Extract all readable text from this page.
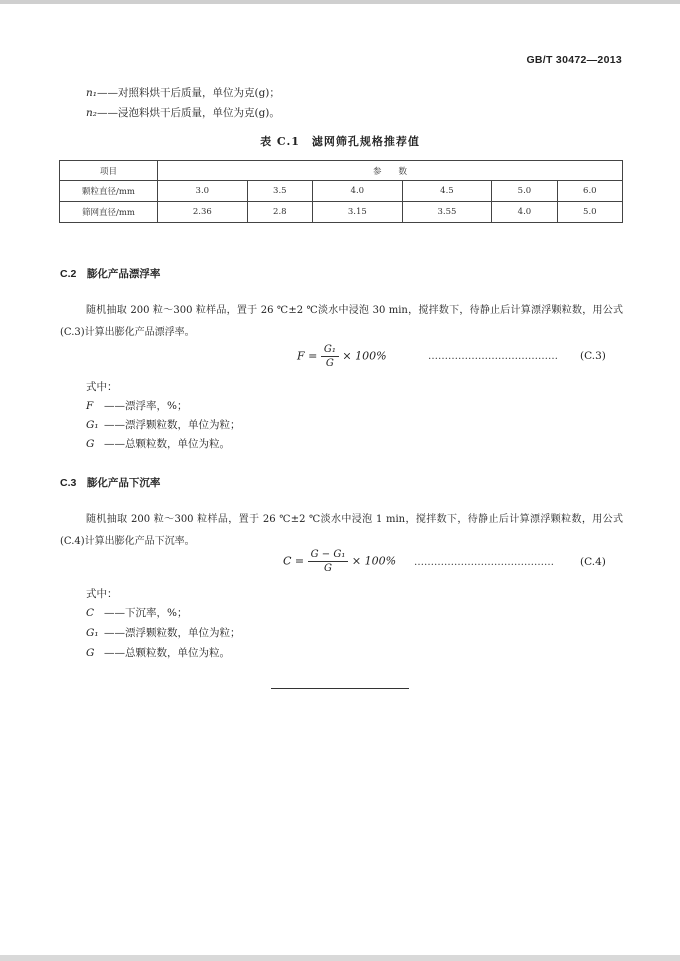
GB/T 30472—2013
n₁——对照料烘干后质量，单位为克(g)；
n₂——浸泡料烘干后质量，单位为克(g)。
表 C.1　滤网筛孔规格推荐值
项目	参　　数					
颗粒直径/mm	3.0	3.5	4.0	4.5	5.0	6.0
筛网直径/mm	2.36	2.8	3.15	3.55	4.0	5.0
C.2　膨化产品漂浮率
随机抽取 200 粒～300 粒样品，置于 26 ℃±2 ℃淡水中浸泡 30 min，搅拌数下，待静止后计算漂浮颗粒数，用公式(C.3)计算出膨化产品漂浮率。
$F = \frac{\text{G₁}}{G} \times 100\%$	………………………………… (C.3)
式中：
F ——漂浮率，%；
G₁ ——漂浮颗粒数，单位为粒；
G ——总颗粒数，单位为粒。
C.3　膨化产品下沉率
随机抽取 200 粒～300 粒样品，置于 26 ℃±2 ℃淡水中浸泡 1 min，搅拌数下，待静止后计算漂浮颗粒数，用公式(C.4)计算出膨化产品下沉率。
$C = \frac{\text{G − G₁}}{G} \times 100\%$ …………………………………… (C.4)
式中：
C ——下沉率，%；
G₁ ——漂浮颗粒数，单位为粒；
G ——总颗粒数，单位为粒。
